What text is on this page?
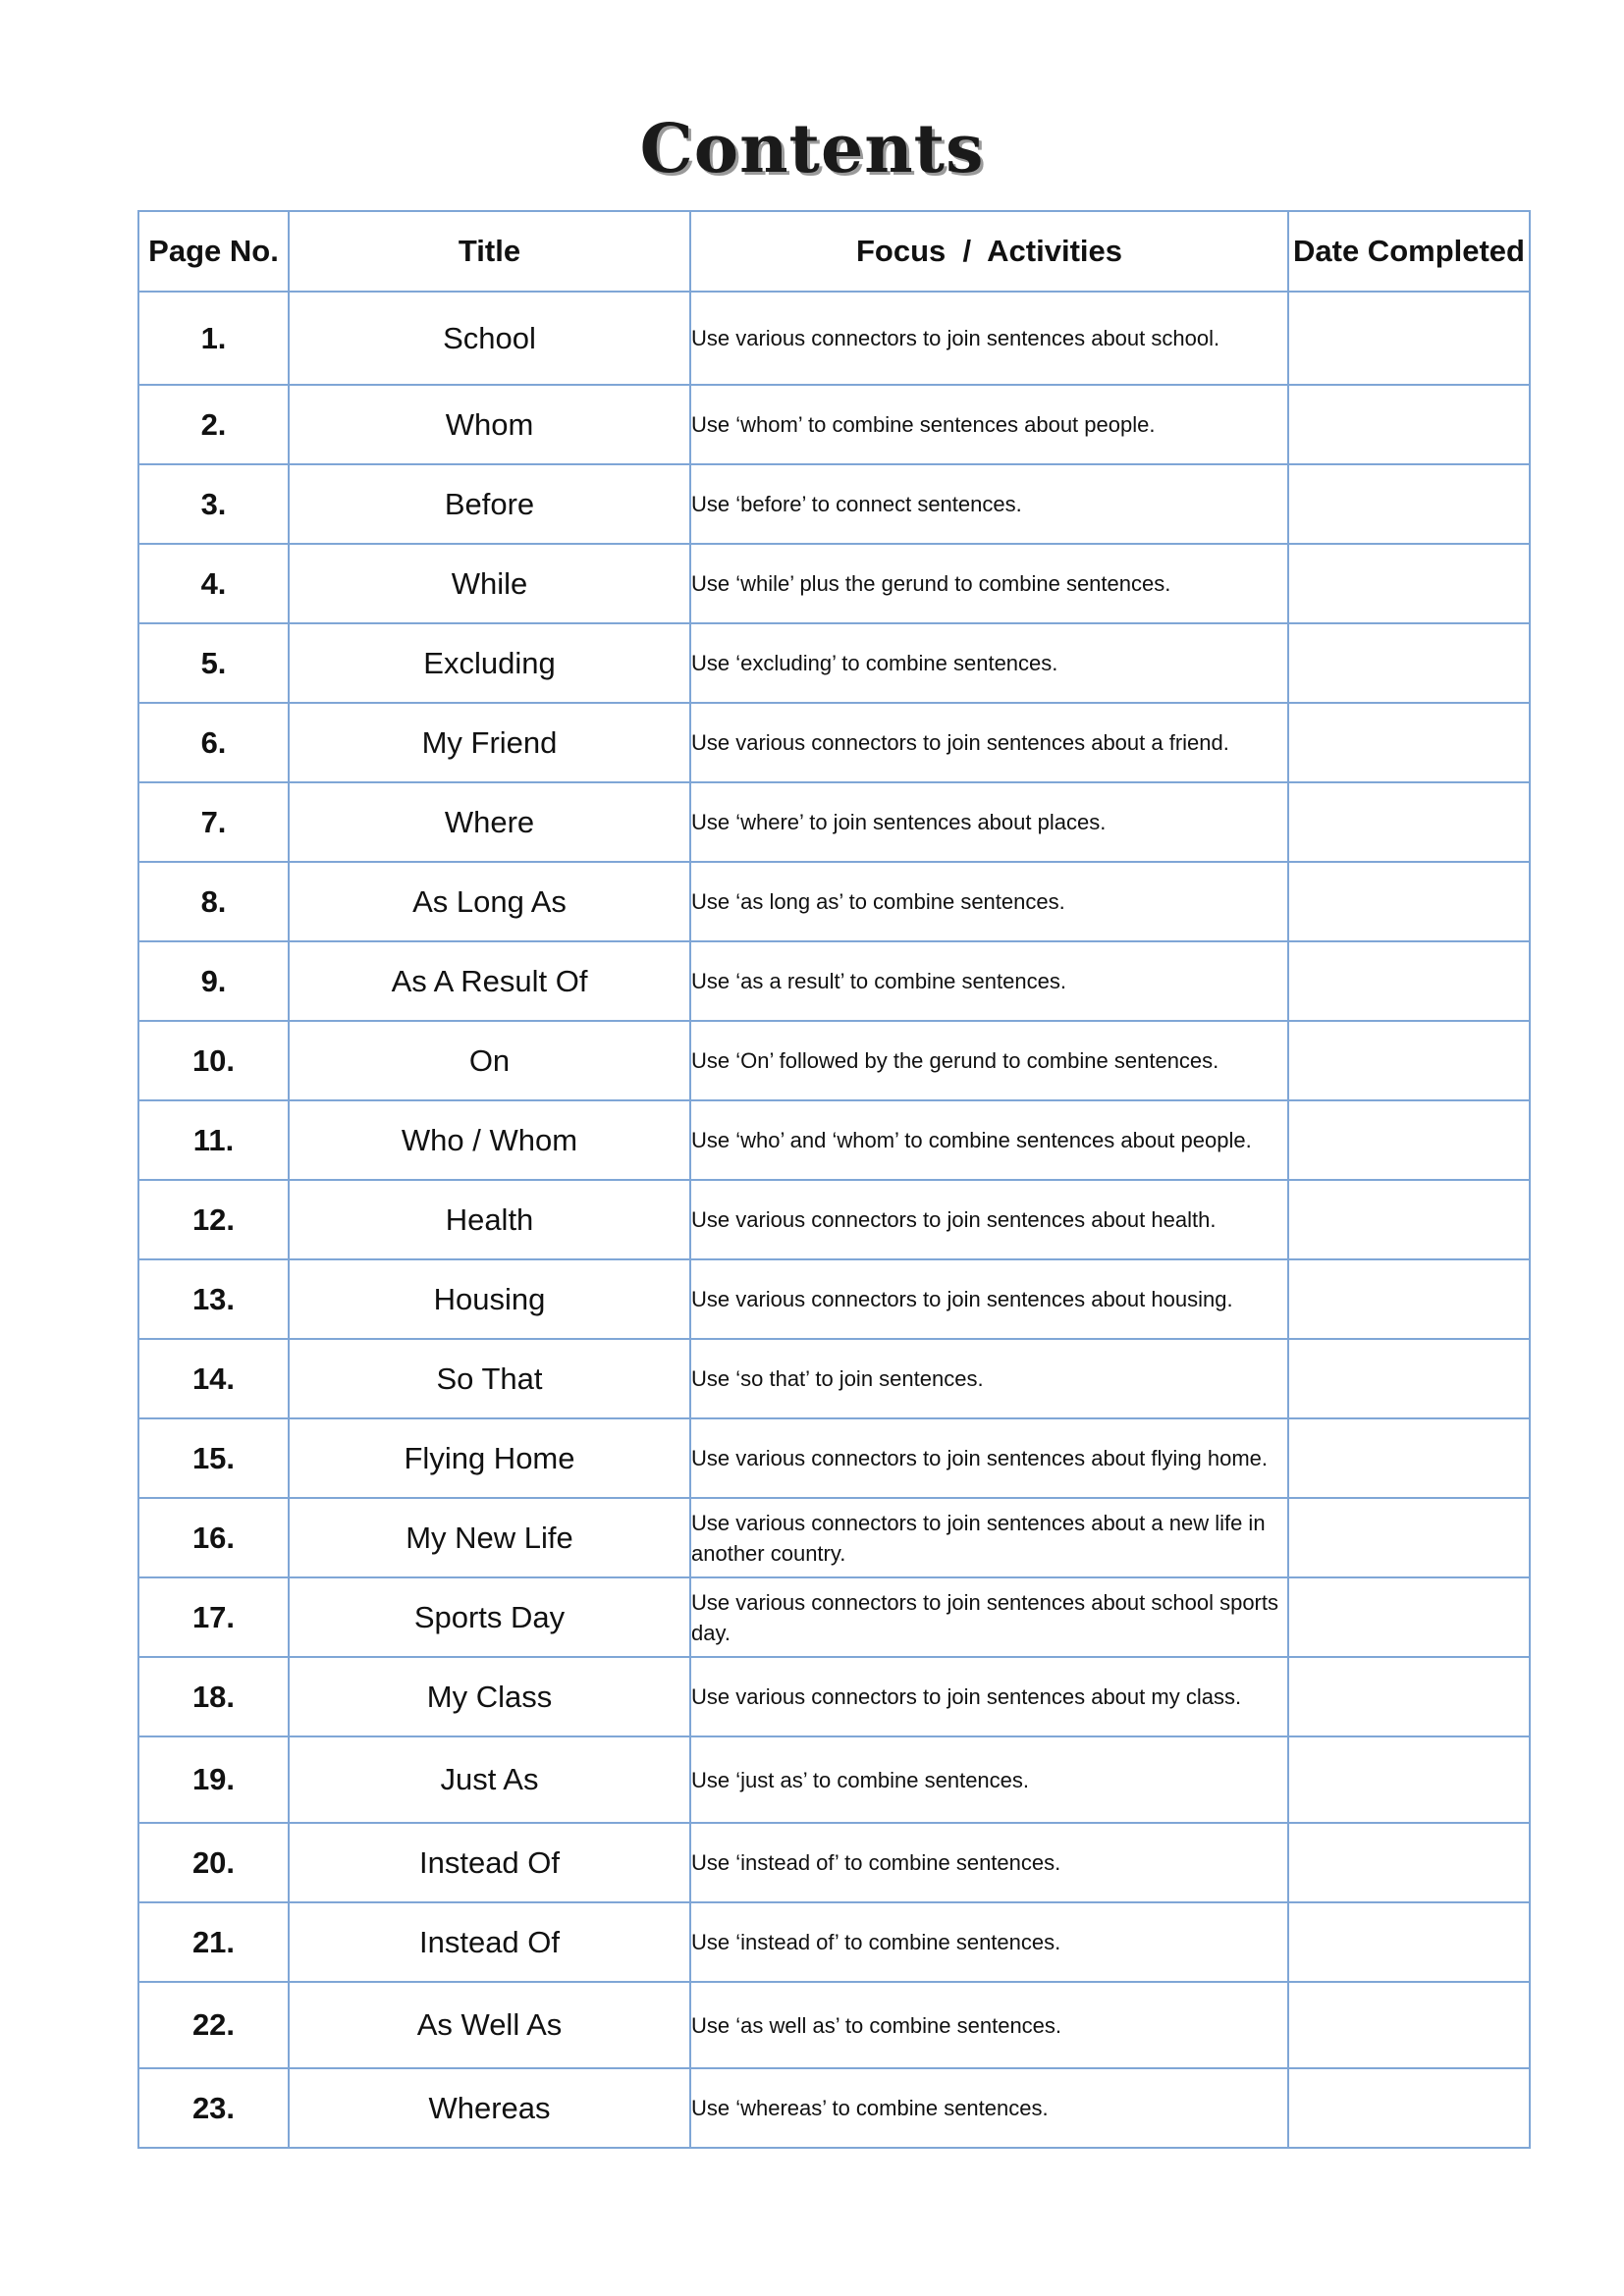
Contents
Page No.	Title	Focus  /  Activities	Date Completed
1.	School	Use various connectors to join sentences about school.	
2.	Whom	Use ‘whom’ to combine sentences about people.	
3.	Before	Use ‘before’ to connect sentences.	
4.	While	Use ‘while’ plus the gerund to combine sentences.	
5.	Excluding	Use ‘excluding’ to combine sentences.	
6.	My Friend	Use various connectors to join sentences about a friend.	
7.	Where	Use ‘where’ to join sentences about places.	
8.	As Long As	Use ‘as long as’ to combine sentences.	
9.	As A Result Of	Use ‘as a result’ to combine sentences.	
10.	On	Use ‘On’ followed by the gerund to combine sentences.	
11.	Who / Whom	Use ‘who’ and ‘whom’ to combine sentences about people.	
12.	Health	Use various connectors to join sentences about health.	
13.	Housing	Use various connectors to join sentences about housing.	
14.	So That	Use ‘so that’ to join sentences.	
15.	Flying Home	Use various connectors to join sentences about flying home.	
16.	My New Life	Use various connectors to join sentences about a new life in another country.	
17.	Sports Day	Use various connectors to join sentences about school sports day.	
18.	My Class	Use various connectors to join sentences about my class.	
19.	Just As	Use ‘just as’ to combine sentences.	
20.	Instead Of	Use ‘instead of’ to combine sentences.	
21.	Instead Of	Use ‘instead of’ to combine sentences.	
22.	As Well As	Use ‘as well as’ to combine sentences.	
23.	Whereas	Use ‘whereas’ to combine sentences.	
